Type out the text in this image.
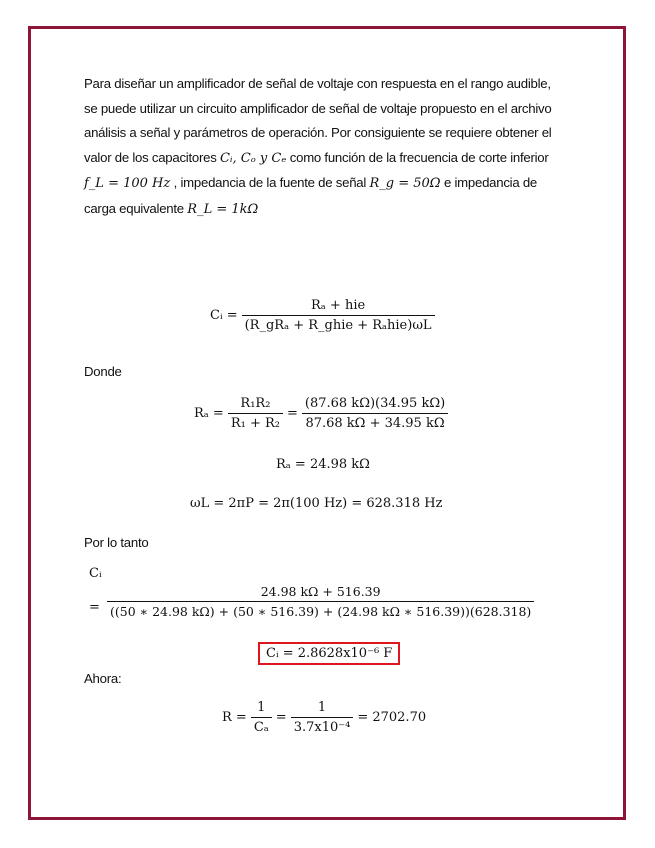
Para diseñar un amplificador de señal de voltaje con respuesta en el rango audible,

se puede utilizar un circuito amplificador de señal de voltaje propuesto en el archivo

análisis a señal y parámetros de operación. Por consiguiente se requiere obtener el

valor de los capacitores Cᵢ, Cₒ y Cₑ como función de la frecuencia de corte inferior

f_L = 100 Hz , impedancia de la fuente de señal R_g = 50Ω e impedancia de

carga equivalente R_L = 1kΩ

Cᵢ = $\frac{\text{Rₐ + hie}}{\text{(R\_gRₐ + R\_ghie + Rₐhie)ωL}}$
Donde
$R_a = \frac{\text{R₁R₂}}{\text{R₁ + R₂}} = \frac{(87.68 k\Omega)(34.95 k\Omega)}{87.68 k\Omega + 34.95 k\Omega}$
Rₐ = 24.98 kΩ
ωL = 2πP = 2π(100 Hz) = 628.318 Hz
Por lo tanto
Cᵢ
=
24.98 kΩ + 516.39
((50 ∗ 24.98 kΩ) + (50 ∗ 516.39) + (24.98 kΩ ∗ 516.39))(628.318)
Cᵢ = 2.8628x10⁻⁶ F
Ahora:
$R = \frac{1}{\text{Cₐ}} = \frac{1}{\text{3.7x10⁻⁴}} = 2702.70$
